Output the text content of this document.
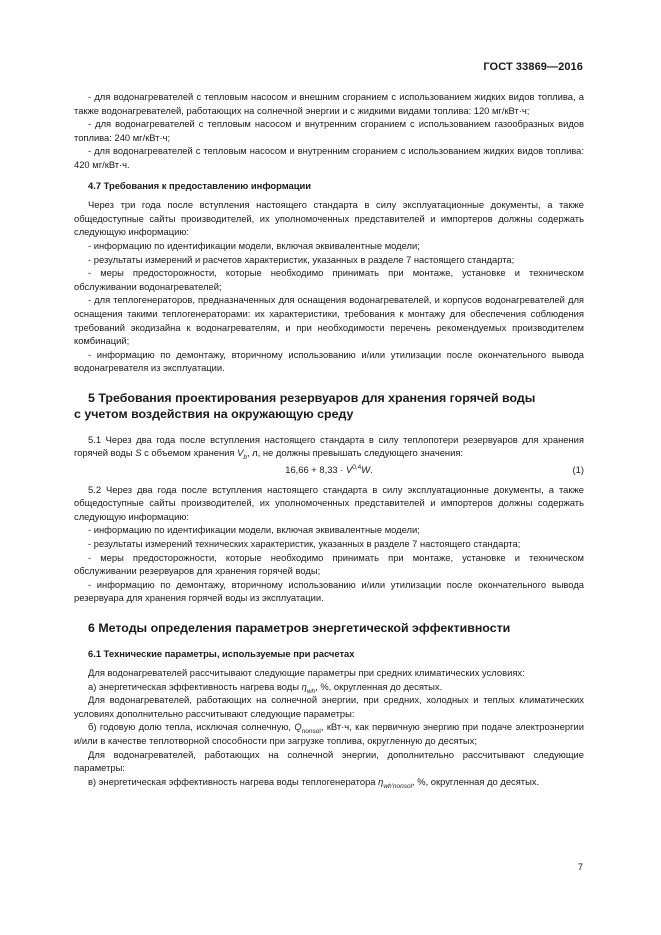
ГОСТ 33869—2016

- для водонагревателей с тепловым насосом и внешним сгоранием с использованием жидких видов топлива, а также водонагревателей, работающих на солнечной энергии и с жидкими видами топлива: 120 мг/кВт·ч;

- для водонагревателей с тепловым насосом и внутренним сгоранием с использованием газообразных видов топлива: 240 мг/кВт·ч;

- для водонагревателей с тепловым насосом и внутренним сгоранием с использованием жидких видов топлива: 420 мг/кВт·ч.

4.7 Требования к предоставлению информации

Через три года после вступления настоящего стандарта в силу эксплуатационные документы, а также общедоступные сайты производителей, их уполномоченных представителей и импортеров должны содержать следующую информацию:

- информацию по идентификации модели, включая эквивалентные модели;

- результаты измерений и расчетов характеристик, указанных в разделе 7 настоящего стандарта;

- меры предосторожности, которые необходимо принимать при монтаже, установке и техническом обслуживании водонагревателей;

- для теплогенераторов, предназначенных для оснащения водонагревателей, и корпусов водонагревателей для оснащения такими теплогенераторами: их характеристики, требования к монтажу для обеспечения соблюдения требований экодизайна к водонагревателям, и при необходимости перечень рекомендуемых производителем комбинаций;

- информацию по демонтажу, вторичному использованию и/или утилизации после окончательного вывода водонагревателя из эксплуатации.

5 Требования проектирования резервуаров для хранения горячей воды
с учетом воздействия на окружающую среду

5.1 Через два года после вступления настоящего стандарта в силу теплопотери резервуаров для хранения горячей воды S с объемом хранения $V_b$, л, не должны превышать следующего значения:

16,66 + 8,33 · V$^{0,4}$W.	(1)

5.2 Через два года после вступления настоящего стандарта в силу эксплуатационные документы, а также общедоступные сайты производителей, их уполномоченных представителей и импортеров должны содержать следующую информацию:

- информацию по идентификации модели, включая эквивалентные модели;

- результаты измерений технических характеристик, указанных в разделе 7 настоящего стандарта;

- меры предосторожности, которые необходимо принимать при монтаже, установке и техническом обслуживании резервуаров для хранения горячей воды;

- информацию по демонтажу, вторичному использованию и/или утилизации после окончательного вывода резервуара для хранения горячей воды из эксплуатации.

6 Методы определения параметров энергетической эффективности

6.1 Технические параметры, используемые при расчетах

Для водонагревателей рассчитывают следующие параметры при средних климатических условиях:

а) энергетическая эффективность нагрева воды $\eta_{wh}$, %, округленная до десятых.

Для водонагревателей, работающих на солнечной энергии, при средних, холодных и теплых климатических условиях дополнительно рассчитывают следующие параметры:

б) годовую долю тепла, исключая солнечную, $Q_{nonsol}$, кВт·ч, как первичную энергию при подаче электроэнергии и/или в качестве теплотворной способности при загрузке топлива, округленную до десятых;

Для водонагревателей, работающих на солнечной энергии, дополнительно рассчитывают следующие параметры:

в) энергетическая эффективность нагрева воды теплогенератора $\eta_{wh'nonsol}$, %, округленная до десятых.

7
